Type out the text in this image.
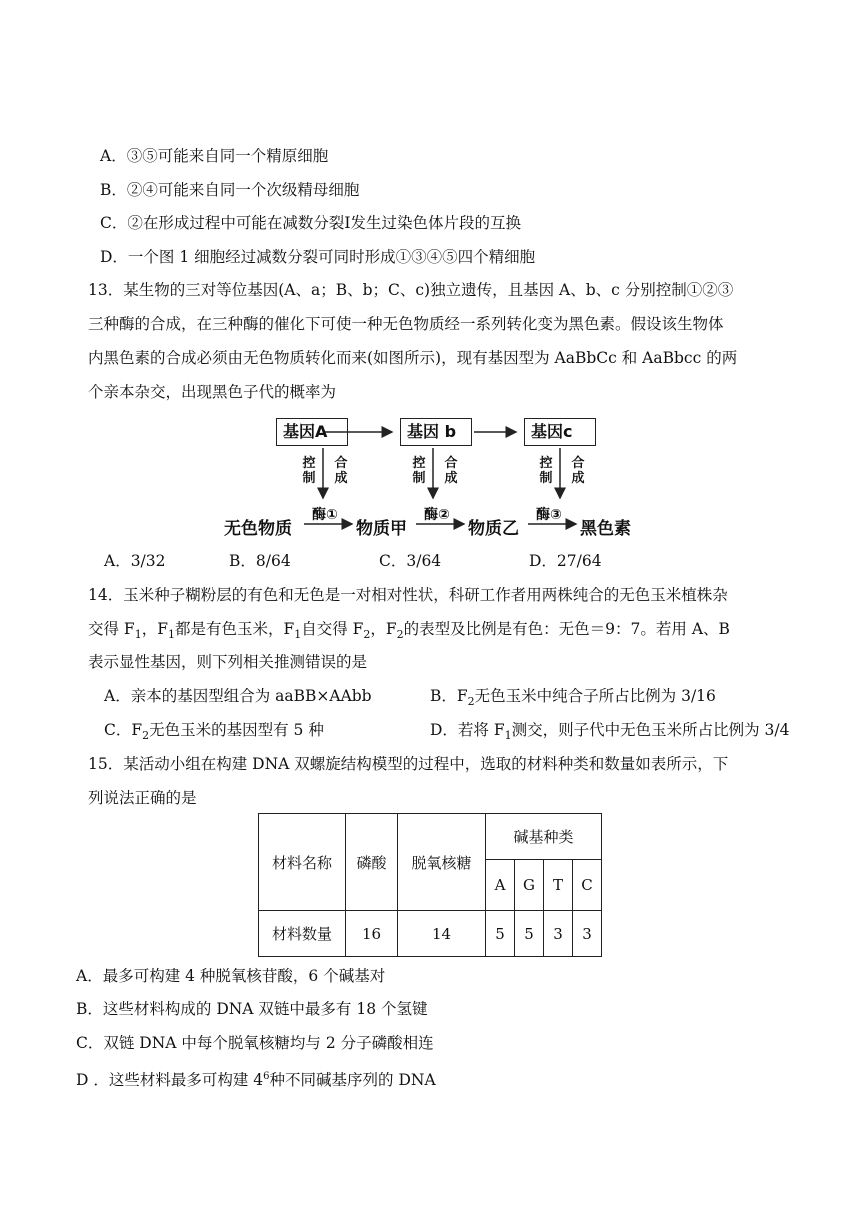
A．③⑤可能来自同一个精原细胞
B．②④可能来自同一个次级精母细胞
C．②在形成过程中可能在减数分裂Ⅰ发生过染色体片段的互换
D．一个图 1 细胞经过减数分裂可同时形成①③④⑤四个精细胞
13．某生物的三对等位基因(A、a；B、b；C、c)独立遗传，且基因 A、b、c 分别控制①②③
三种酶的合成，在三种酶的催化下可使一种无色物质经一系列转化变为黑色素。假设该生物体
内黑色素的合成必须由无色物质转化而来(如图所示)，现有基因型为 AaBbCc 和 AaBbcc 的两
个亲本杂交，出现黑色子代的概率为
基因A	基因 b	基因c
控制
合成
控制
合成
控制
合成
酶①	酶②	酶③
无色物质	物质甲	物质乙	黑色素
A．3/32	B．8/64	C．3/64	D．27/64
14．玉米种子糊粉层的有色和无色是一对相对性状，科研工作者用两株纯合的无色玉米植株杂
交得 $F_1$，$F_1$都是有色玉米，$F_1$自交得 $F_2$，$F_2$的表型及比例是有色：无色＝9：7。若用 A、B
表示显性基因，则下列相关推测错误的是
A．亲本的基因型组合为 aaBB×AAbb	B．$F_2$无色玉米中纯合子所占比例为 3/16
C．$F_2$无色玉米的基因型有 5 种	D．若将 $F_1$测交，则子代中无色玉米所占比例为 3/4
15．某活动小组在构建 DNA 双螺旋结构模型的过程中，选取的材料种类和数量如表所示，下
列说法正确的是
材料名称	磷酸	脱氧核糖	碱基种类			
			A	G	T	C
材料数量	16	14	5	5	3	3
A．最多可构建 4 种脱氧核苷酸，6 个碱基对
B．这些材料构成的 DNA 双链中最多有 18 个氢键
C．双链 DNA 中每个脱氧核糖均与 2 分子磷酸相连
D ．这些材料最多可构建 $4^6$种不同碱基序列的 DNA
